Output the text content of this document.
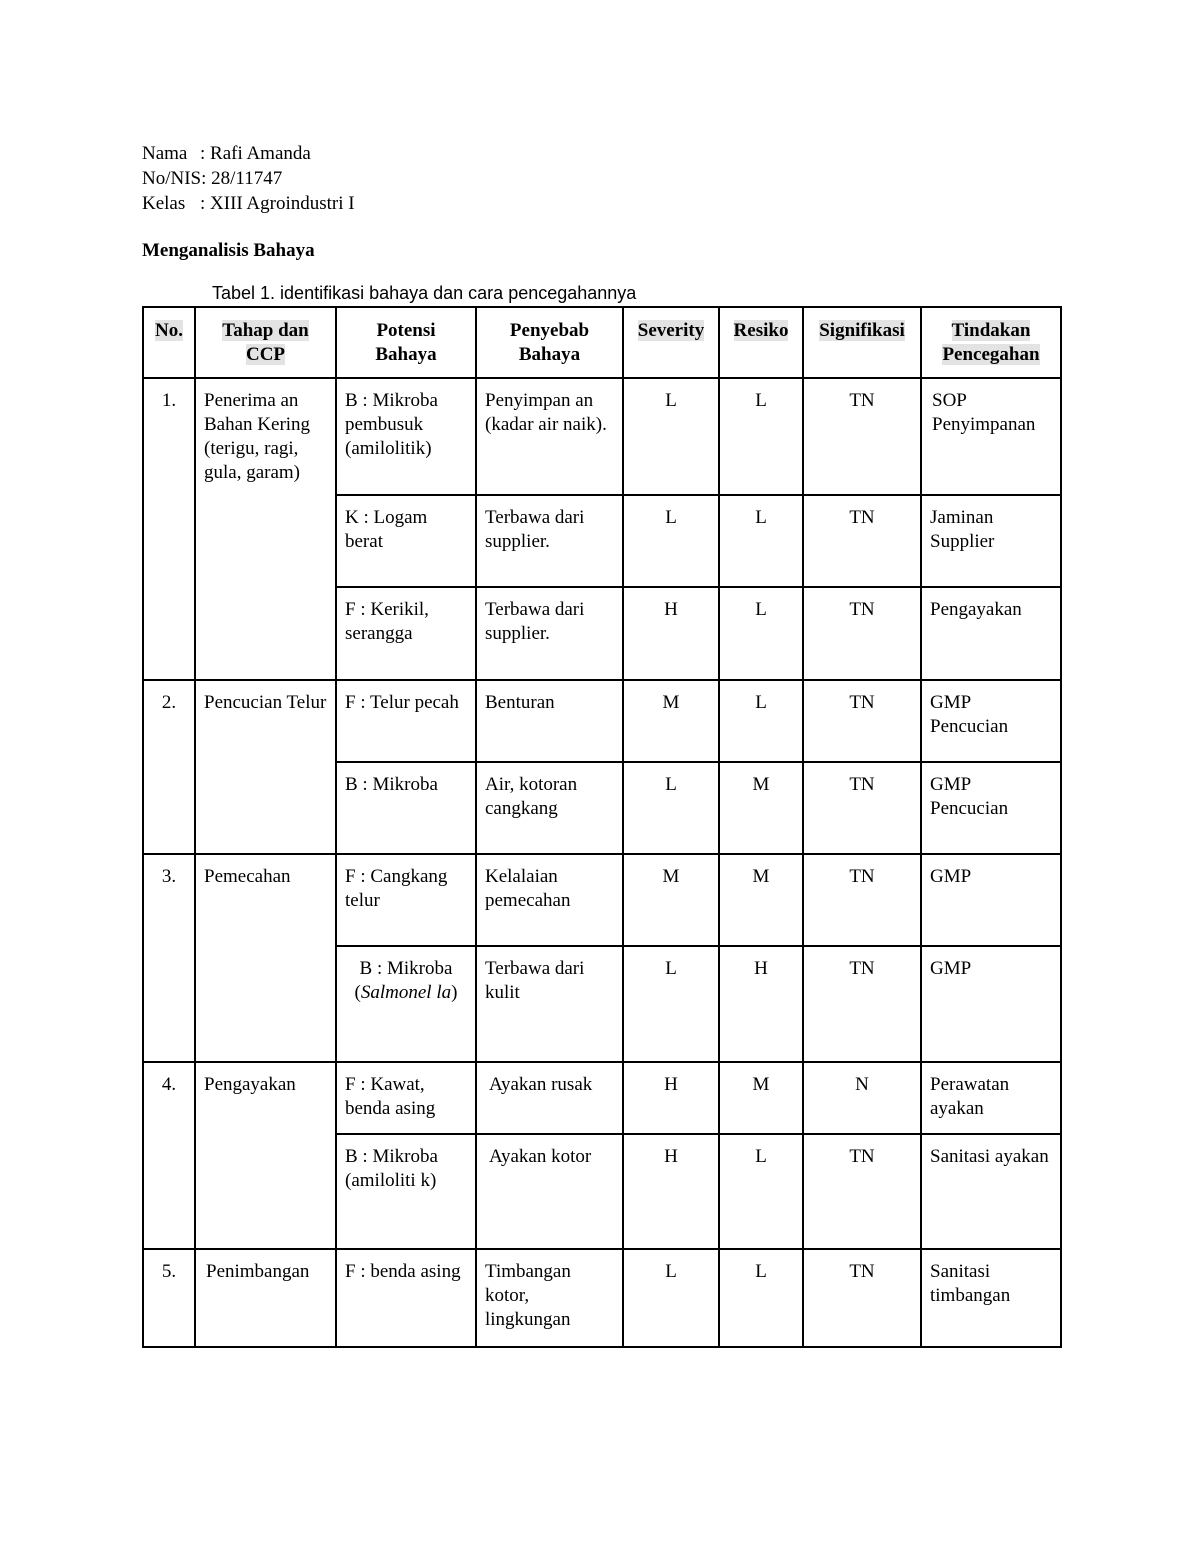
Nama : Rafi Amanda
No/NIS : 28/11747
Kelas : XIII Agroindustri I
Menganalisis Bahaya
Tabel 1. identifikasi bahaya dan cara pencegahannya
No.	Tahap dan CCP	Potensi Bahaya	Penyebab Bahaya	Severity	Resiko	Signifikasi	Tindakan Pencegahan
1.	Penerima an Bahan Kering (terigu, ragi, gula, garam)	B : Mikroba pembusuk (amilolitik)	Penyimpan an (kadar air naik).	L	L	TN	SOP Penyimpanan
		K : Logam berat	Terbawa dari supplier.	L	L	TN	Jaminan Supplier
		F : Kerikil, serangga	Terbawa dari supplier.	H	L	TN	Pengayakan
2.	Pencucian Telur	F : Telur pecah	Benturan	M	L	TN	GMP Pencucian
		B : Mikroba	Air, kotoran cangkang	L	M	TN	GMP Pencucian
3.	Pemecahan	F : Cangkang telur	Kelalaian pemecahan	M	M	TN	GMP
		B : Mikroba (Salmonel la)	Terbawa dari kulit	L	H	TN	GMP
4.	Pengayakan	F : Kawat, benda asing	Ayakan rusak	H	M	N	Perawatan ayakan
		B : Mikroba (amiloliti k)	Ayakan kotor	H	L	TN	Sanitasi ayakan
5.	Penimbangan	F : benda asing	Timbangan kotor, lingkungan	L	L	TN	Sanitasi timbangan
